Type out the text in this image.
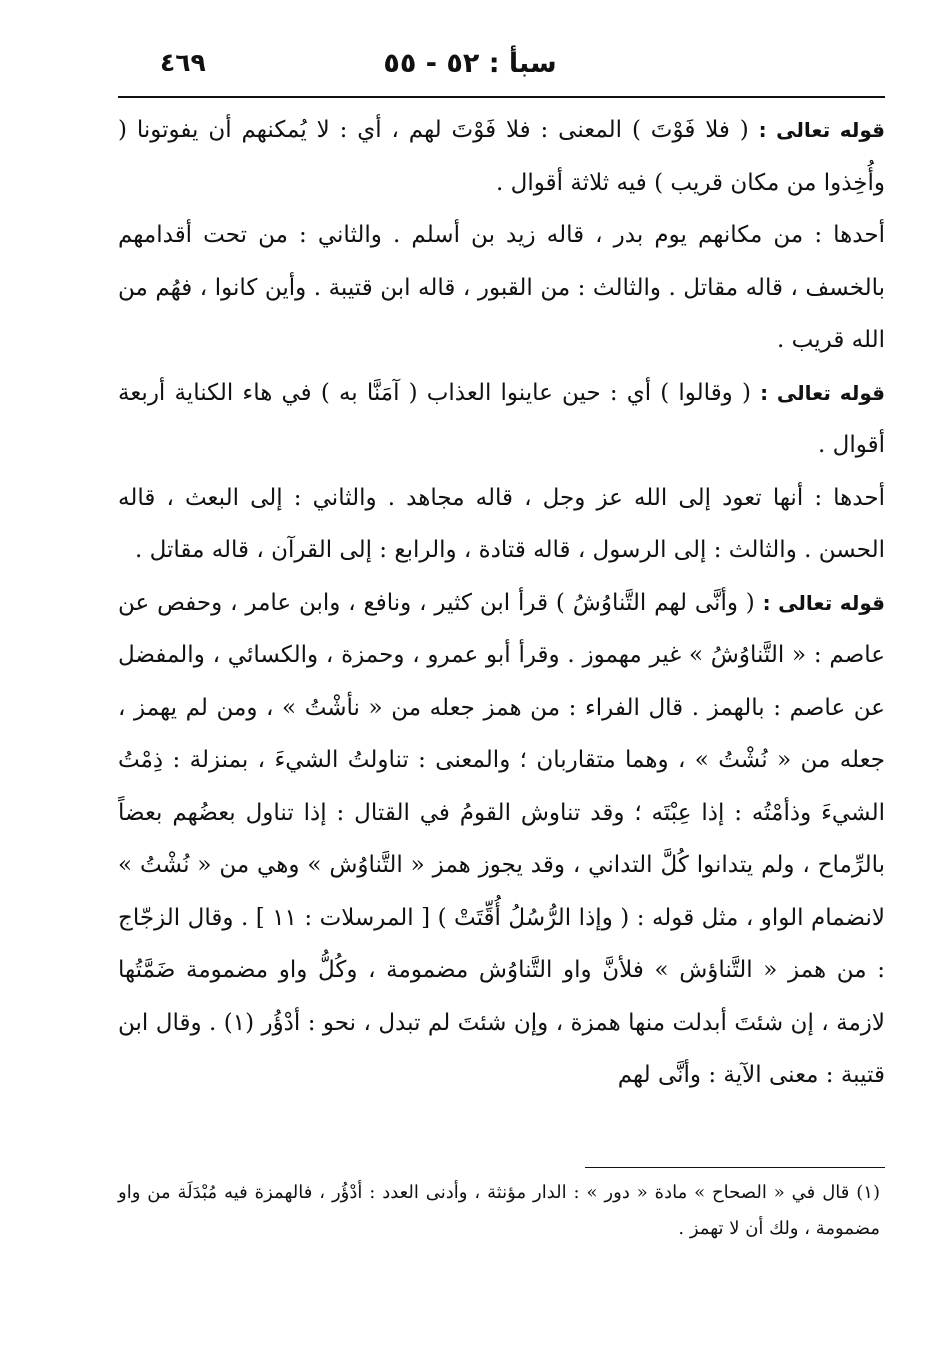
سبأ : ٥٢ - ٥٥
٤٦٩

قوله تعالى : ( فلا فَوْتَ ) المعنى : فلا فَوْتَ لهم ، أي : لا يُمكنهم أن يفوتونا ( وأُخِذوا من مكان قريب ) فيه ثلاثة أقوال .

أحدها : من مكانهم يوم بدر ، قاله زيد بن أسلم . والثاني : من تحت أقدامهم بالخسف ، قاله مقاتل . والثالث : من القبور ، قاله ابن قتيبة . وأين كانوا ، فهُم من الله قريب .

قوله تعالى : ( وقالوا ) أي : حين عاينوا العذاب ( آمَنَّا به ) في هاء الكناية أربعة أقوال .

أحدها : أنها تعود إلى الله عز وجل ، قاله مجاهد . والثاني : إلى البعث ، قاله الحسن . والثالث : إلى الرسول ، قاله قتادة ، والرابع : إلى القرآن ، قاله مقاتل .

قوله تعالى : ( وأنَّى لهم التَّناوُشُ ) قرأ ابن كثير ، ونافع ، وابن عامر ، وحفص عن عاصم : « التَّناوُشُ » غير مهموز . وقرأ أبو عمرو ، وحمزة ، والكسائي ، والمفضل عن عاصم : بالهمز . قال الفراء : من همز جعله من « نأشْتُ » ، ومن لم يهمز ، جعله من « نُشْتُ » ، وهما متقاربان ؛ والمعنى : تناولتُ الشيءَ ، بمنزلة : ذِمْتُ الشيءَ وذأمْتُه : إذا عِبْتَه ؛ وقد تناوش القومُ في القتال : إذا تناول بعضُهم بعضاً بالرِّماح ، ولم يتدانوا كُلَّ التداني ، وقد يجوز همز « التَّناوُش » وهي من « نُشْتُ » لانضمام الواو ، مثل قوله : ( وإذا الرُّسُلُ أُقِّتَتْ ) [ المرسلات : ١١ ] . وقال الزجّاج : من همز « التَّناؤش » فلأنَّ واو التَّناوُش مضمومة ، وكُلُّ واو مضمومة ضَمَّتُها لازمة ، إن شئتَ أبدلت منها همزة ، وإن شئتَ لم تبدل ، نحو : أدْؤُر (١) . وقال ابن قتيبة : معنى الآية : وأنَّى لهم

(١) قال في « الصحاح » مادة « دور » : الدار مؤنثة ، وأدنى العدد : أدْؤُر ، فالهمزة فيه مُبْدَلَة من واو مضمومة ، ولك أن لا تهمز .
